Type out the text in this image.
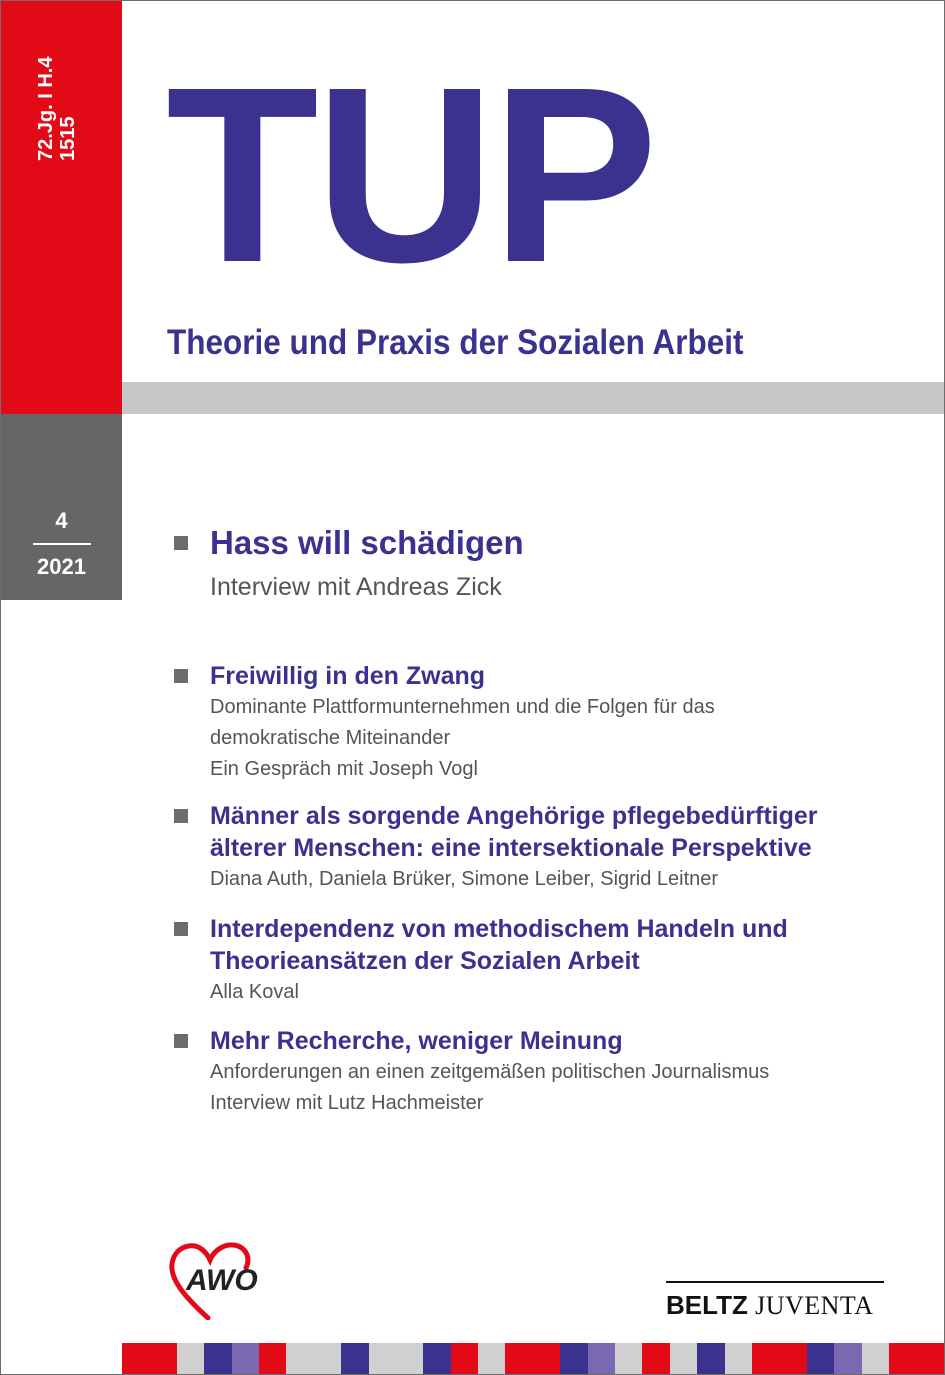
72.Jg. I H.4 1515 TUP
Theorie und Praxis der Sozialen Arbeit
4
2021
Hass will schädigen
Interview mit Andreas Zick
Freiwillig in den Zwang
Dominante Plattformunternehmen und die Folgen für das
demokratische Miteinander
Ein Gespräch mit Joseph Vogl
Männer als sorgende Angehörige pflegebedürftiger
älterer Menschen: eine intersektionale Perspektive
Diana Auth, Daniela Brüker, Simone Leiber, Sigrid Leitner
Interdependenz von methodischem Handeln und
Theorieansätzen der Sozialen Arbeit
Alla Koval
Mehr Recherche, weniger Meinung
Anforderungen an einen zeitgemäßen politischen Journalismus
Interview mit Lutz Hachmeister
AWO
BELTZ JUVENTA
